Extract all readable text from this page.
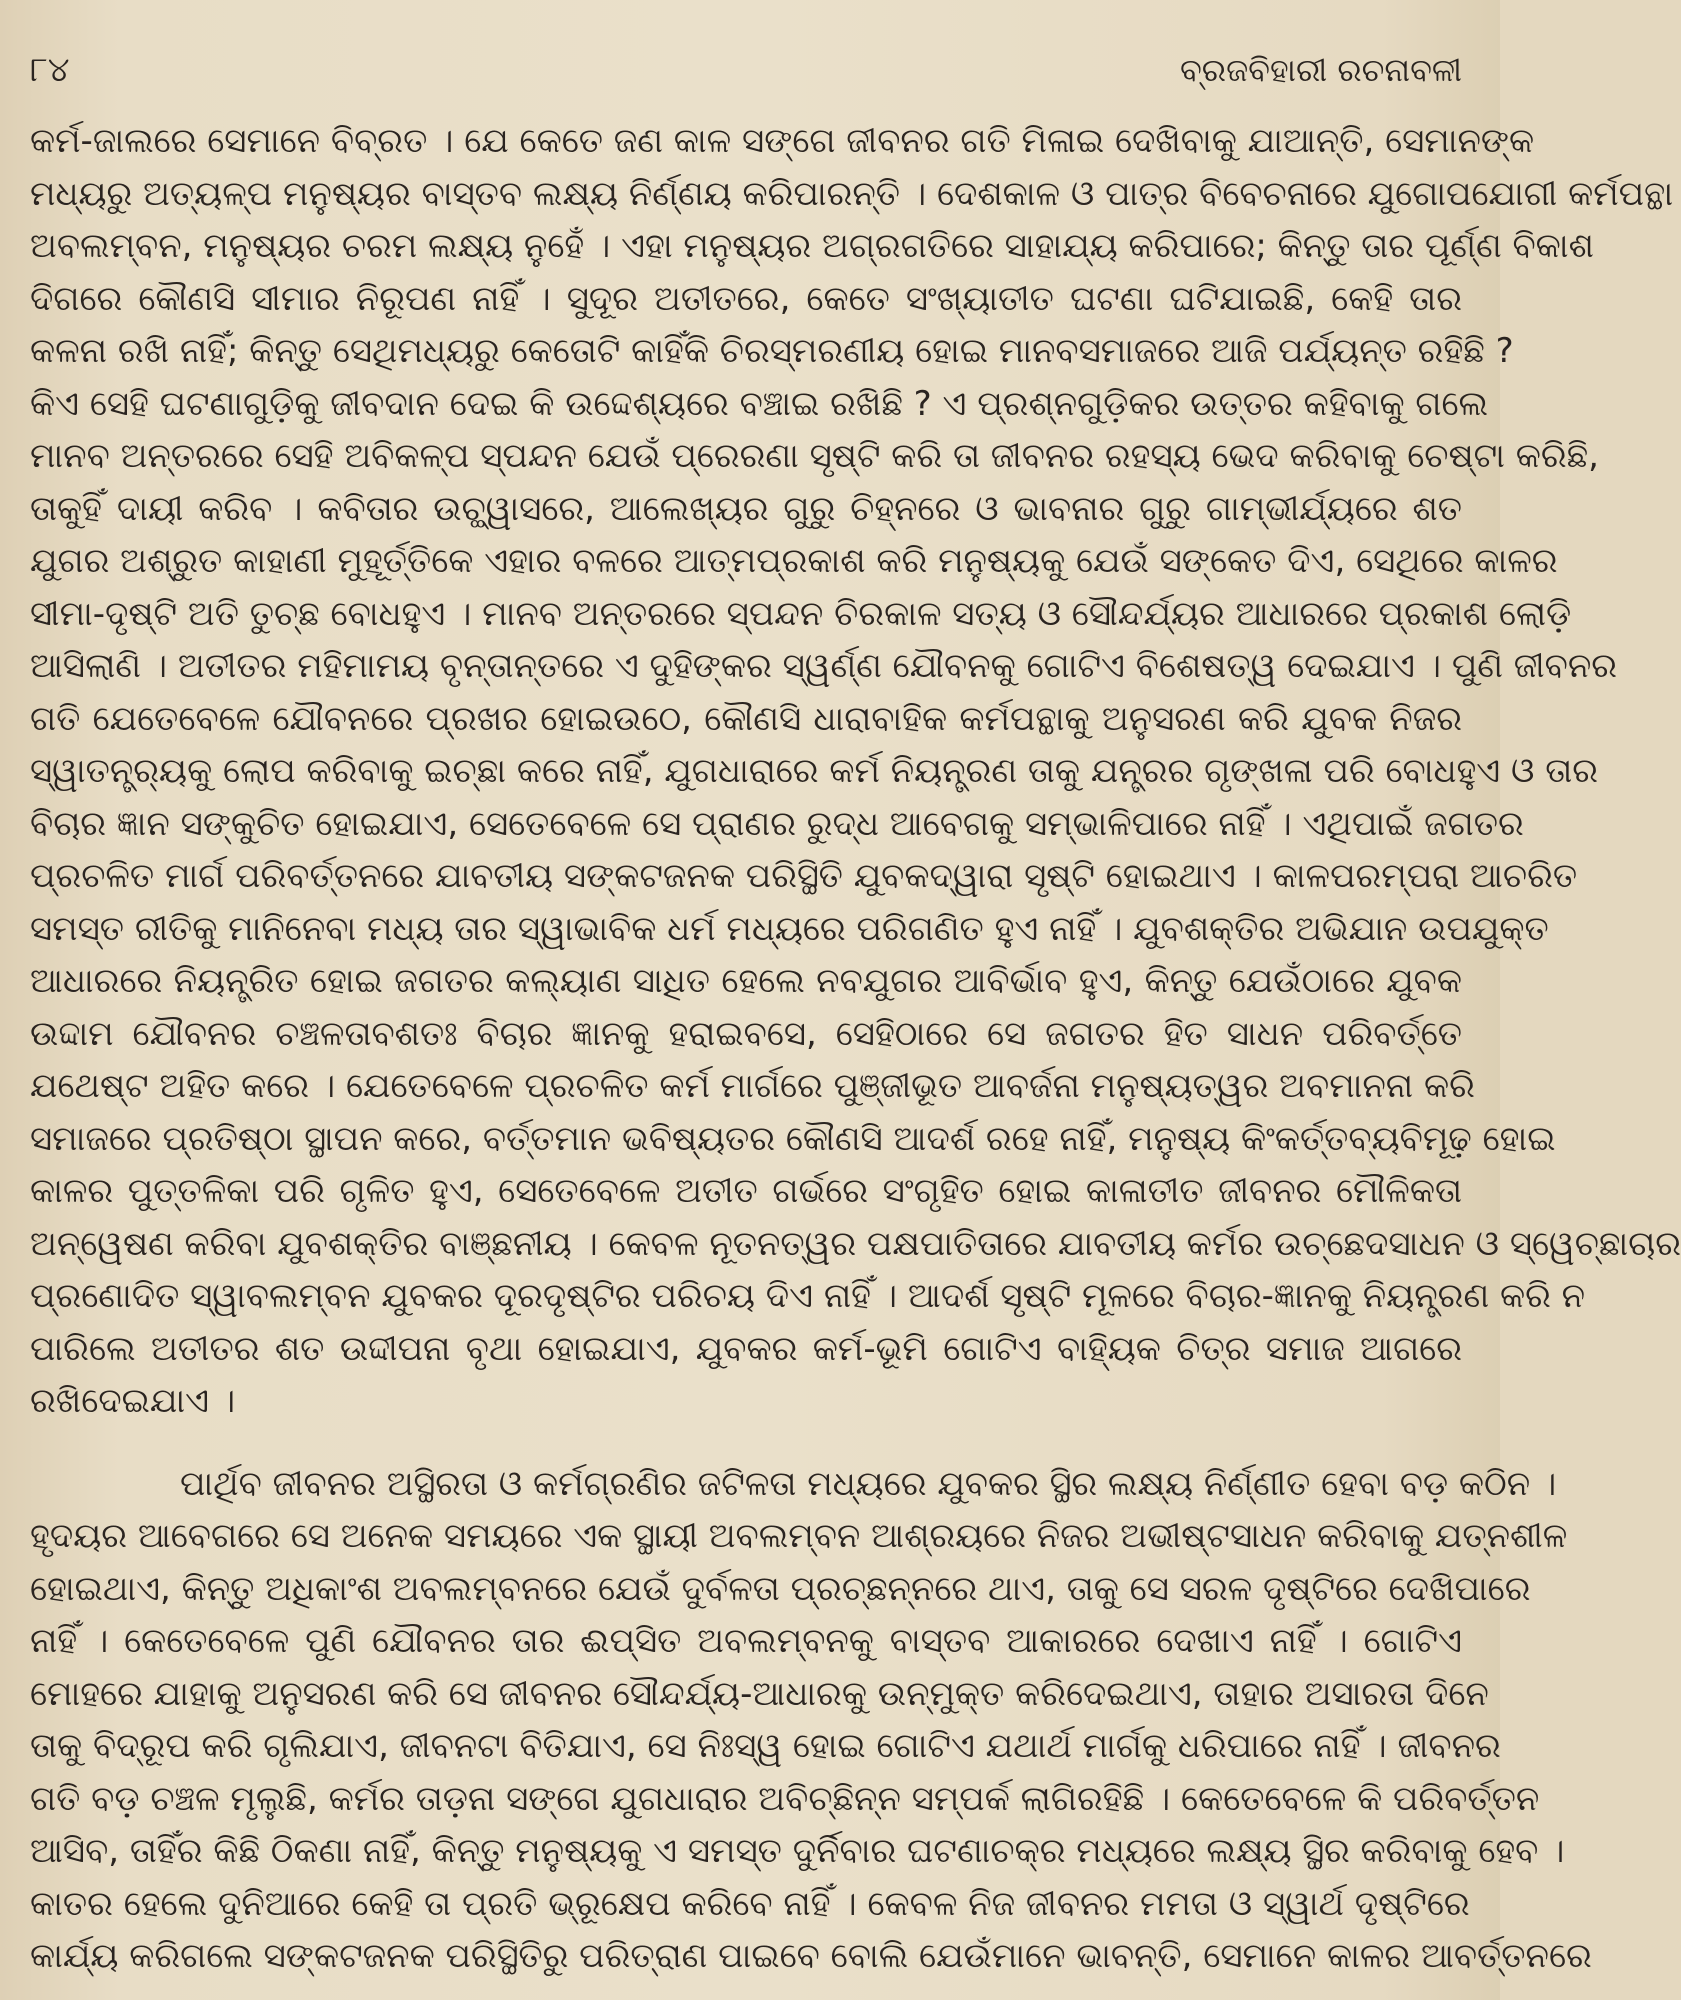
୮୪	ବ୍ରଜବିହାରୀ ରଚନାବଳୀ
କର୍ମ-ଜାଲରେ ସେମାନେ ବିବ୍ରତ । ଯେ କେତେ ଜଣ କାଳ ସଙ୍ଗେ ଜୀବନର ଗତି ମିଳାଇ ଦେଖିବାକୁ ଯାଆନ୍ତି, ସେମାନଙ୍କ
ମଧ୍ୟରୁ ଅତ୍ୟଳ୍ପ ମନୁଷ୍ୟର ବାସ୍ତବ ଲକ୍ଷ୍ୟ ନିର୍ଣ୍ଣୟ କରିପାରନ୍ତି । ଦେଶକାଳ ଓ ପାତ୍ର ବିବେଚନାରେ ଯୁଗୋପଯୋଗୀ କର୍ମପନ୍ଥା
ଅବଲମ୍ବନ, ମନୁଷ୍ୟର ଚରମ ଲକ୍ଷ୍ୟ ନୁହେଁ । ଏହା ମନୁଷ୍ୟର ଅଗ୍ରଗତିରେ ସାହାଯ୍ୟ କରିପାରେ; କିନ୍ତୁ ତାର ପୂର୍ଣ୍ଣ ବିକାଶ
ଦିଗରେ କୌଣସି ସୀମାର ନିରୂପଣ ନାହିଁ । ସୁଦୂର ଅତୀତରେ, କେତେ ସଂଖ୍ୟାତୀତ ଘଟଣା ଘଟିଯାଇଛି, କେହି ତାର
କଳନା ରଖି ନାହିଁ; କିନ୍ତୁ ସେଥିମଧ୍ୟରୁ କେତୋଟି କାହିଁକି ଚିରସ୍ମରଣୀୟ ହୋଇ ମାନବସମାଜରେ ଆଜି ପର୍ଯ୍ୟନ୍ତ ରହିଛି ?
କିଏ ସେହି ଘଟଣାଗୁଡ଼ିକୁ ଜୀବଦାନ ଦେଇ କି ଉଦ୍ଦେଶ୍ୟରେ ବଞ୍ଚାଇ ରଖିଛି ? ଏ ପ୍ରଶ୍ନଗୁଡ଼ିକର ଉତ୍ତର କହିବାକୁ ଗଲେ
ମାନବ ଅନ୍ତରରେ ସେହି ଅବିକଳ୍ପ ସ୍ପନ୍ଦନ ଯେଉଁ ପ୍ରେରଣା ସୃଷ୍ଟି କରି ତା ଜୀବନର ରହସ୍ୟ ଭେଦ କରିବାକୁ ଚେଷ୍ଟା କରିଛି,
ତାକୁହିଁ ଦାୟୀ କରିବ । କବିତାର ଉଚ୍ଛ୍ୱାସରେ, ଆଲେଖ୍ୟର ଗୁରୁ ଚିହ୍ନରେ ଓ ଭାବନାର ଗୁରୁ ଗାମ୍ଭୀର୍ଯ୍ୟରେ ଶତ
ଯୁଗର ଅଶ୍ରୁତ କାହାଣୀ ମୁହୂର୍ତ୍ତିକେ ଏହାର ବଳରେ ଆତ୍ମପ୍ରକାଶ କରି ମନୁଷ୍ୟକୁ ଯେଉଁ ସଙ୍କେତ ଦିଏ, ସେଥିରେ କାଳର
ସୀମା-ଦୃଷ୍ଟି ଅତି ତୁଚ୍ଛ ବୋଧହୁଏ । ମାନବ ଅନ୍ତରରେ ସ୍ପନ୍ଦନ ଚିରକାଳ ସତ୍ୟ ଓ ସୌନ୍ଦର୍ଯ୍ୟର ଆଧାରରେ ପ୍ରକାଶ ଲୋଡ଼ି
ଆସିଲାଣି । ଅତୀତର ମହିମାମୟ ବୃନ୍ତାନ୍ତରେ ଏ ଦୁହିଙ୍କର ସ୍ୱର୍ଣ୍ଣ ଯୌବନକୁ ଗୋଟିଏ ବିଶେଷତ୍ୱ ଦେଇଯାଏ । ପୁଣି ଜୀବନର
ଗତି ଯେତେବେଳେ ଯୌବନରେ ପ୍ରଖର ହୋଇଉଠେ, କୌଣସି ଧାରାବାହିକ କର୍ମପନ୍ଥାକୁ ଅନୁସରଣ କରି ଯୁବକ ନିଜର
ସ୍ୱାତନ୍ତ୍ର୍ୟକୁ ଲୋପ କରିବାକୁ ଇଚ୍ଛା କରେ ନାହିଁ, ଯୁଗଧାରାରେ କର୍ମ ନିୟନ୍ତ୍ରଣ ତାକୁ ଯନ୍ତ୍ରର ଗୃଙ୍ଖଳା ପରି ବୋଧହୁଏ ଓ ତାର
ବିଚାର ଜ୍ଞାନ ସଙ୍କୁଚିତ ହୋଇଯାଏ, ସେତେବେଳେ ସେ ପ୍ରାଣର ରୁଦ୍ଧ ଆବେଗକୁ ସମ୍ଭାଳିପାରେ ନାହିଁ । ଏଥିପାଇଁ ଜଗତର
ପ୍ରଚଳିତ ମାର୍ଗ ପରିବର୍ତ୍ତନରେ ଯାବତୀୟ ସଙ୍କଟଜନକ ପରିସ୍ଥିତି ଯୁବକଦ୍ୱାରା ସୃଷ୍ଟି ହୋଇଥାଏ । କାଳପରମ୍ପରା ଆଚରିତ
ସମସ୍ତ ରୀତିକୁ ମାନିନେବା ମଧ୍ୟ ତାର ସ୍ୱାଭାବିକ ଧର୍ମ ମଧ୍ୟରେ ପରିଗଣିତ ହୁଏ ନାହିଁ । ଯୁବଶକ୍ତିର ଅଭିଯାନ ଉପଯୁକ୍ତ
ଆଧାରରେ ନିୟନ୍ତ୍ରିତ ହୋଇ ଜଗତର କଲ୍ୟାଣ ସାଧିତ ହେଲେ ନବଯୁଗର ଆବିର୍ଭାବ ହୁଏ, କିନ୍ତୁ ଯେଉଁଠାରେ ଯୁବକ
ଉଦ୍ଦାମ ଯୌବନର ଚଞ୍ଚଳତାବଶତଃ ବିଚାର ଜ୍ଞାନକୁ ହରାଇବସେ, ସେହିଠାରେ ସେ ଜଗତର ହିତ ସାଧନ ପରିବର୍ତ୍ତେ
ଯଥେଷ୍ଟ ଅହିତ କରେ । ଯେତେବେଳେ ପ୍ରଚଳିତ କର୍ମ ମାର୍ଗରେ ପୁଞ୍ଜୀଭୂତ ଆବର୍ଜନା ମନୁଷ୍ୟତ୍ୱର ଅବମାନନା କରି
ସମାଜରେ ପ୍ରତିଷ୍ଠା ସ୍ଥାପନ କରେ, ବର୍ତ୍ତମାନ ଭବିଷ୍ୟତର କୌଣସି ଆଦର୍ଶ ରହେ ନାହିଁ, ମନୁଷ୍ୟ କିଂକର୍ତ୍ତବ୍ୟବିମୂଢ଼ ହୋଇ
କାଳର ପୁତ୍ତଳିକା ପରି ଗୃଳିତ ହୁଏ, ସେତେବେଳେ ଅତୀତ ଗର୍ଭରେ ସଂଗୃହିତ ହୋଇ କାଳାତୀତ ଜୀବନର ମୌଳିକତା
ଅନ୍ୱେଷଣ କରିବା ଯୁବଶକ୍ତିର ବାଞ୍ଛନୀୟ । କେବଳ ନୂତନତ୍ୱର ପକ୍ଷପାତିତାରେ ଯାବତୀୟ କର୍ମର ଉଚ୍ଛେଦସାଧନ ଓ ସ୍ୱେଚ୍ଛାଚାର
ପ୍ରଣୋଦିତ ସ୍ୱାବଲମ୍ବନ ଯୁବକର ଦୂରଦୃଷ୍ଟିର ପରିଚୟ ଦିଏ ନାହିଁ । ଆଦର୍ଶ ସୃଷ୍ଟି ମୂଳରେ ବିଚାର-ଜ୍ଞାନକୁ ନିୟନ୍ତ୍ରଣ କରି ନ
ପାରିଲେ ଅତୀତର ଶତ ଉଦ୍ଦୀପନା ବୃଥା ହୋଇଯାଏ, ଯୁବକର କର୍ମ-ଭୂମି ଗୋଟିଏ ବାହ୍ୟିକ ଚିତ୍ର ସମାଜ ଆଗରେ
ରଖିଦେଇଯାଏ ।
ପାର୍ଥିବ ଜୀବନର ଅସ୍ଥିରତା ଓ କର୍ମଗ୍ରଣିର ଜଟିଳତା ମଧ୍ୟରେ ଯୁବକର ସ୍ଥିର ଲକ୍ଷ୍ୟ ନିର୍ଣ୍ଣୀତ ହେବା ବଡ଼ କଠିନ ।
ହୃଦୟର ଆବେଗରେ ସେ ଅନେକ ସମୟରେ ଏକ ସ୍ଥାୟୀ ଅବଲମ୍ବନ ଆଶ୍ରୟରେ ନିଜର ଅଭୀଷ୍ଟସାଧନ କରିବାକୁ ଯତ୍ନଶୀଳ
ହୋଇଥାଏ, କିନ୍ତୁ ଅଧିକାଂଶ ଅବଲମ୍ବନରେ ଯେଉଁ ଦୁର୍ବଳତା ପ୍ରଚ୍ଛନ୍ନରେ ଥାଏ, ତାକୁ ସେ ସରଳ ଦୃଷ୍ଟିରେ ଦେଖିପାରେ
ନାହିଁ । କେତେବେଳେ ପୁଣି ଯୌବନର ତାର ଈପ୍ସିତ ଅବଲମ୍ବନକୁ ବାସ୍ତବ ଆକାରରେ ଦେଖାଏ ନାହିଁ । ଗୋଟିଏ
ମୋହରେ ଯାହାକୁ ଅନୁସରଣ କରି ସେ ଜୀବନର ସୌନ୍ଦର୍ଯ୍ୟ-ଆଧାରକୁ ଉନ୍ମୁକ୍ତ କରିଦେଇଥାଏ, ତାହାର ଅସାରତା ଦିନେ
ତାକୁ ବିଦ୍ରୂପ କରି ଗୃଲିଯାଏ, ଜୀବନଟା ବିତିଯାଏ, ସେ ନିଃସ୍ୱ ହୋଇ ଗୋଟିଏ ଯଥାର୍ଥ ମାର୍ଗକୁ ଧରିପାରେ ନାହିଁ । ଜୀବନର
ଗତି ବଡ଼ ଚଞ୍ଚଳ ମୃଲୁଛି, କର୍ମର ତାଡ଼ନା ସଙ୍ଗେ ଯୁଗଧାରାର ଅବିଚ୍ଛିନ୍ନ ସମ୍ପର୍କ ଲାଗିରହିଛି । କେତେବେଳେ କି ପରିବର୍ତ୍ତନ
ଆସିବ, ତାହିଁର କିଛି ଠିକଣା ନାହିଁ, କିନ୍ତୁ ମନୁଷ୍ୟକୁ ଏ ସମସ୍ତ ଦୁର୍ନିବାର ଘଟଣାଚକ୍ର ମଧ୍ୟରେ ଲକ୍ଷ୍ୟ ସ୍ଥିର କରିବାକୁ ହେବ ।
କାତର ହେଲେ ଦୁନିଆରେ କେହି ତା ପ୍ରତି ଭ୍ରୂକ୍ଷେପ କରିବେ ନାହିଁ । କେବଳ ନିଜ ଜୀବନର ମମତା ଓ ସ୍ୱାର୍ଥ ଦୃଷ୍ଟିରେ
କାର୍ଯ୍ୟ କରିଗଲେ ସଙ୍କଟଜନକ ପରିସ୍ଥିତିରୁ ପରିତ୍ରାଣ ପାଇବେ ବୋଲି ଯେଉଁମାନେ ଭାବନ୍ତି, ସେମାନେ କାଳର ଆବର୍ତ୍ତନରେ
